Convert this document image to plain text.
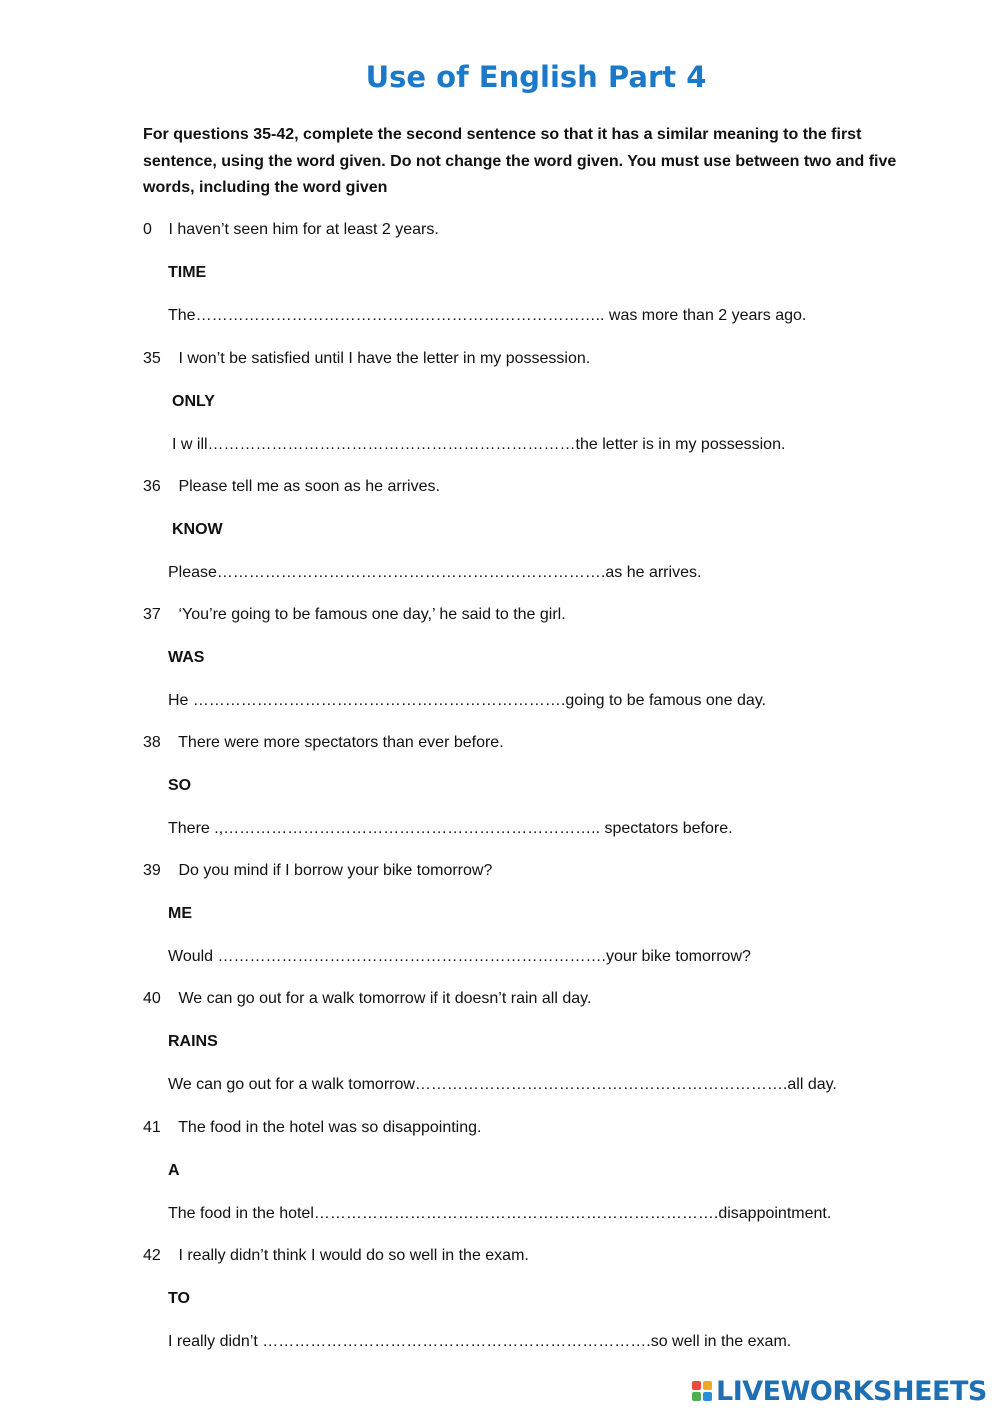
Use of English Part 4
For questions 35-42, complete the second sentence so that it has a similar meaning to the first sentence, using the word given. Do not change the word given. You must use between two and five words, including the word given
0 I haven’t seen him for at least 2 years.
TIME
The………………………………………………………………….. was more than 2 years ago.
35 I won’t be satisfied until I have the letter in my possession.
ONLY
I w ill……………………………………………………………the letter is in my possession.
36 Please tell me as soon as he arrives.
KNOW
Please……………………………………………………………….as he arrives.
37 ‘You’re going to be famous one day,’ he said to the girl.
WAS
He …………………………………………………………….going to be famous one day.
38 There were more spectators than ever before.
SO
There .,…………………………………………………………….. spectators before.
39 Do you mind if I borrow your bike tomorrow?
ME
Would ……………………………………………………………….your bike tomorrow?
40 We can go out for a walk tomorrow if it doesn’t rain all day.
RAINS
We can go out for a walk tomorrow…………………………………………………………….all day.
41 The food in the hotel was so disappointing.
A
The food in the hotel………………………………………………………………….disappointment.
42 I really didn’t think I would do so well in the exam.
TO
I really didn’t ……………………………………………………………….so well in the exam.
LIVEWORKSHEETS
